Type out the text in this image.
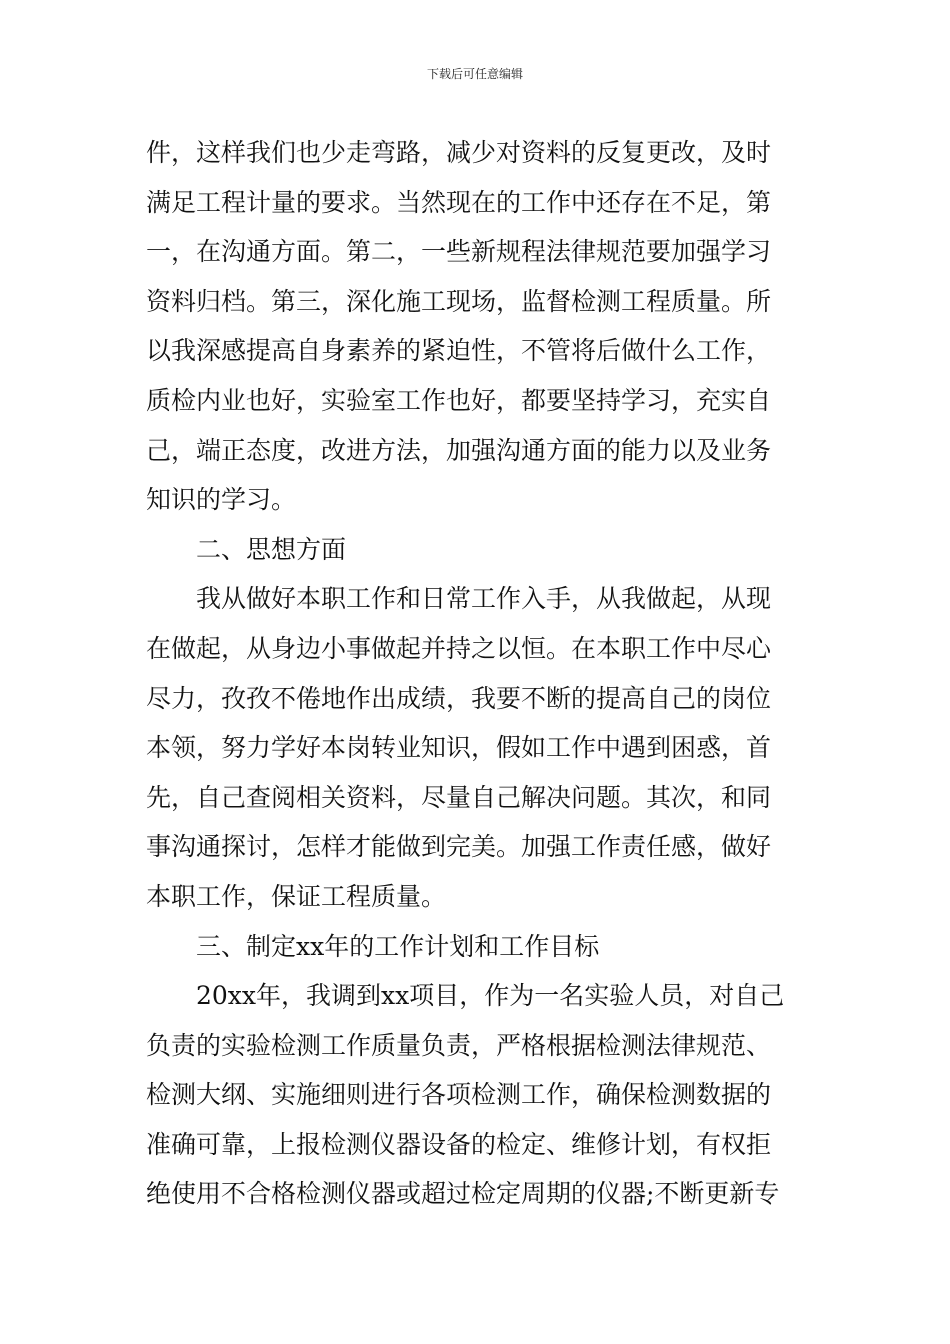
下载后可任意编辑
件，这样我们也少走弯路，减少对资料的反复更改，及时
满足工程计量的要求。当然现在的工作中还存在不足，第
一，在沟通方面。第二，一些新规程法律规范要加强学习
资料归档。第三，深化施工现场，监督检测工程质量。所
以我深感提高自身素养的紧迫性，不管将后做什么工作，
质检内业也好，实验室工作也好，都要坚持学习，充实自
己，端正态度，改进方法，加强沟通方面的能力以及业务
知识的学习。
二、思想方面
我从做好本职工作和日常工作入手，从我做起，从现
在做起，从身边小事做起并持之以恒。在本职工作中尽心
尽力，孜孜不倦地作出成绩，我要不断的提高自己的岗位
本领，努力学好本岗转业知识，假如工作中遇到困惑，首
先，自己查阅相关资料，尽量自己解决问题。其次，和同
事沟通探讨，怎样才能做到完美。加强工作责任感，做好
本职工作，保证工程质量。
三、制定xx年的工作计划和工作目标
20xx年，我调到xx项目，作为一名实验人员，对自己
负责的实验检测工作质量负责，严格根据检测法律规范、
检测大纲、实施细则进行各项检测工作，确保检测数据的
准确可靠，上报检测仪器设备的检定、维修计划，有权拒
绝使用不合格检测仪器或超过检定周期的仪器;不断更新专
